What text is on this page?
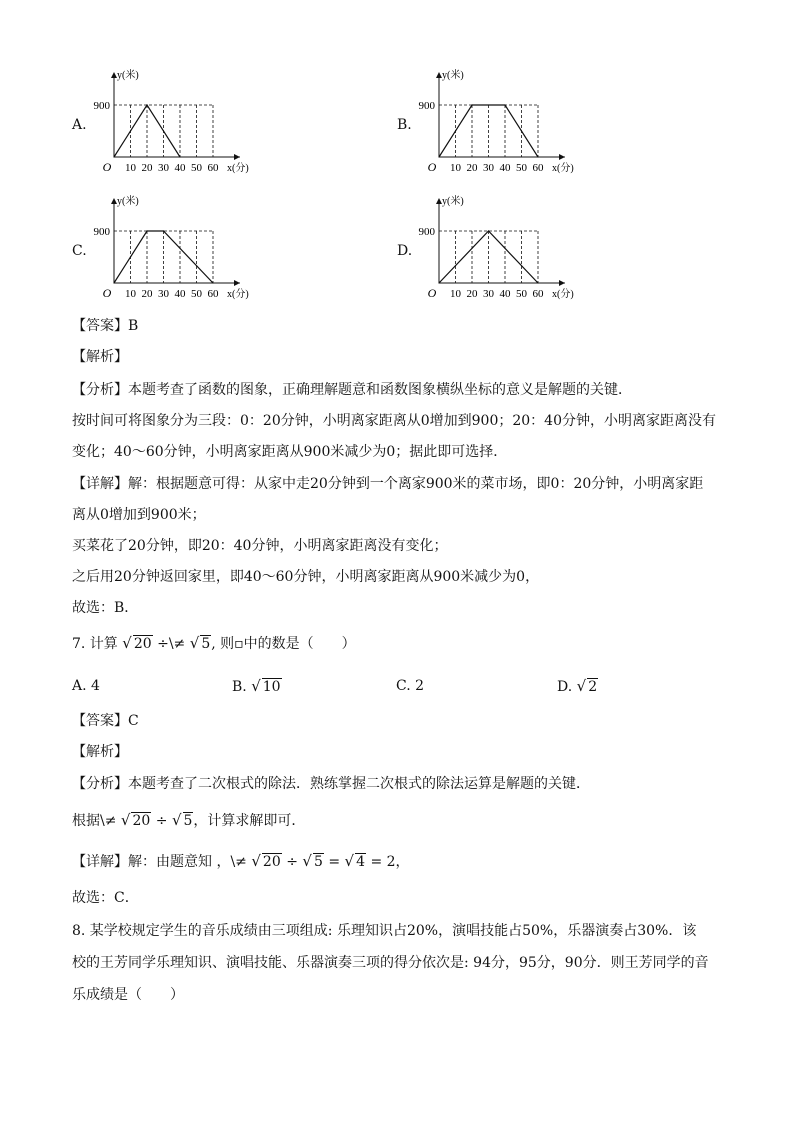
A.	B.
C.	D.
y(米)
900
O 10 20 30 40 50 60 x(分)
y(米)
900
O 10 20 30 40 50 60 x(分)
y(米)
900
O 10 20 30 40 50 60 x(分)
y(米)
900
O 10 20 30 40 50 60 x(分)
【答案】B
【解析】
【分析】本题考查了函数的图象，正确理解题意和函数图象横纵坐标的意义是解题的关键．
按时间可将图象分为三段：0：20分钟，小明离家距离从0增加到900；20：40分钟，小明离家距离没有
变化；40～60分钟，小明离家距离从900米减少为0；据此即可选择．
【详解】解：根据题意可得：从家中走20分钟到一个离家900米的菜市场，即0：20分钟，小明离家距
离从0增加到900米；
买菜花了20分钟，即20：40分钟，小明离家距离没有变化；
之后用20分钟返回家里，即40～60分钟，小明离家距离从900米减少为0，
故选：B．
7. 计算 √ 20 ÷\≠ √ 5, 则▫中的数是（　　）
A. 4	B. √ 10	C. 2	D. √ 2
【答案】C
【解析】
【分析】本题考查了二次根式的除法．熟练掌握二次根式的除法运算是解题的关键．
根据\≠ √ 20 ÷ √ 5，计算求解即可．
【详解】解：由题意知 ，\≠ √ 20 ÷ √ 5 = √ 4 = 2，
故选：C．
8. 某学校规定学生的音乐成绩由三项组成: 乐理知识占20%，演唱技能占50%，乐器演奏占30%．该
校的王芳同学乐理知识、演唱技能、乐器演奏三项的得分依次是: 94分，95分，90分．则王芳同学的音
乐成绩是（　　）
